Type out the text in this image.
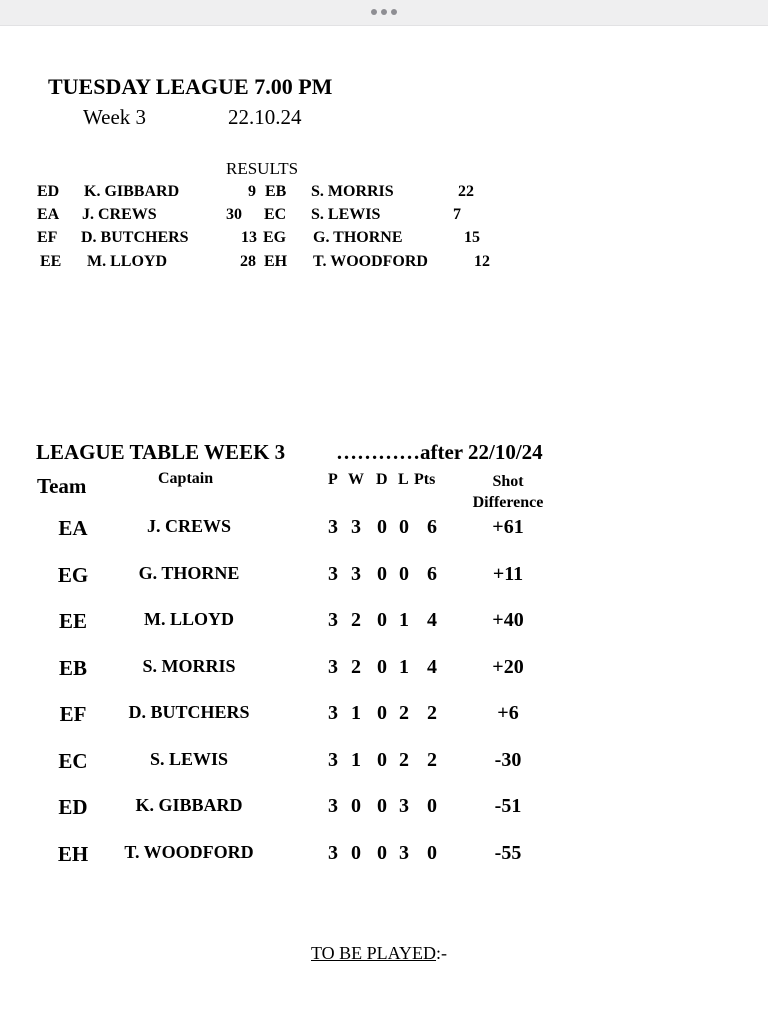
TUESDAY LEAGUE 7.00 PM
Week 3	22.10.24
RESULTS
ED K. GIBBARD	9 EB S. MORRIS	22
EA J. CREWS	30 EC S. LEWIS	7
EF D. BUTCHERS	13 EG G. THORNE	15
EE M. LLOYD	28 EH T. WOODFORD	12
LEAGUE TABLE WEEK 3 …………after 22/10/24
Team	Captain	P W D L Pts	Shot Difference
EA	J. CREWS	3 3 0 0 6	+61
EG	G. THORNE	3 3 0 0 6	+11
EE	M. LLOYD	3 2 0 1 4	+40
EB	S. MORRIS	3 2 0 1 4	+20
EF	D. BUTCHERS	3 1 0 2 2	+6
EC	S. LEWIS	3 1 0 2 2	-30
ED	K. GIBBARD	3 0 0 3 0	-51
EH	T. WOODFORD	3 0 0 3 0	-55
TO BE PLAYED:-
